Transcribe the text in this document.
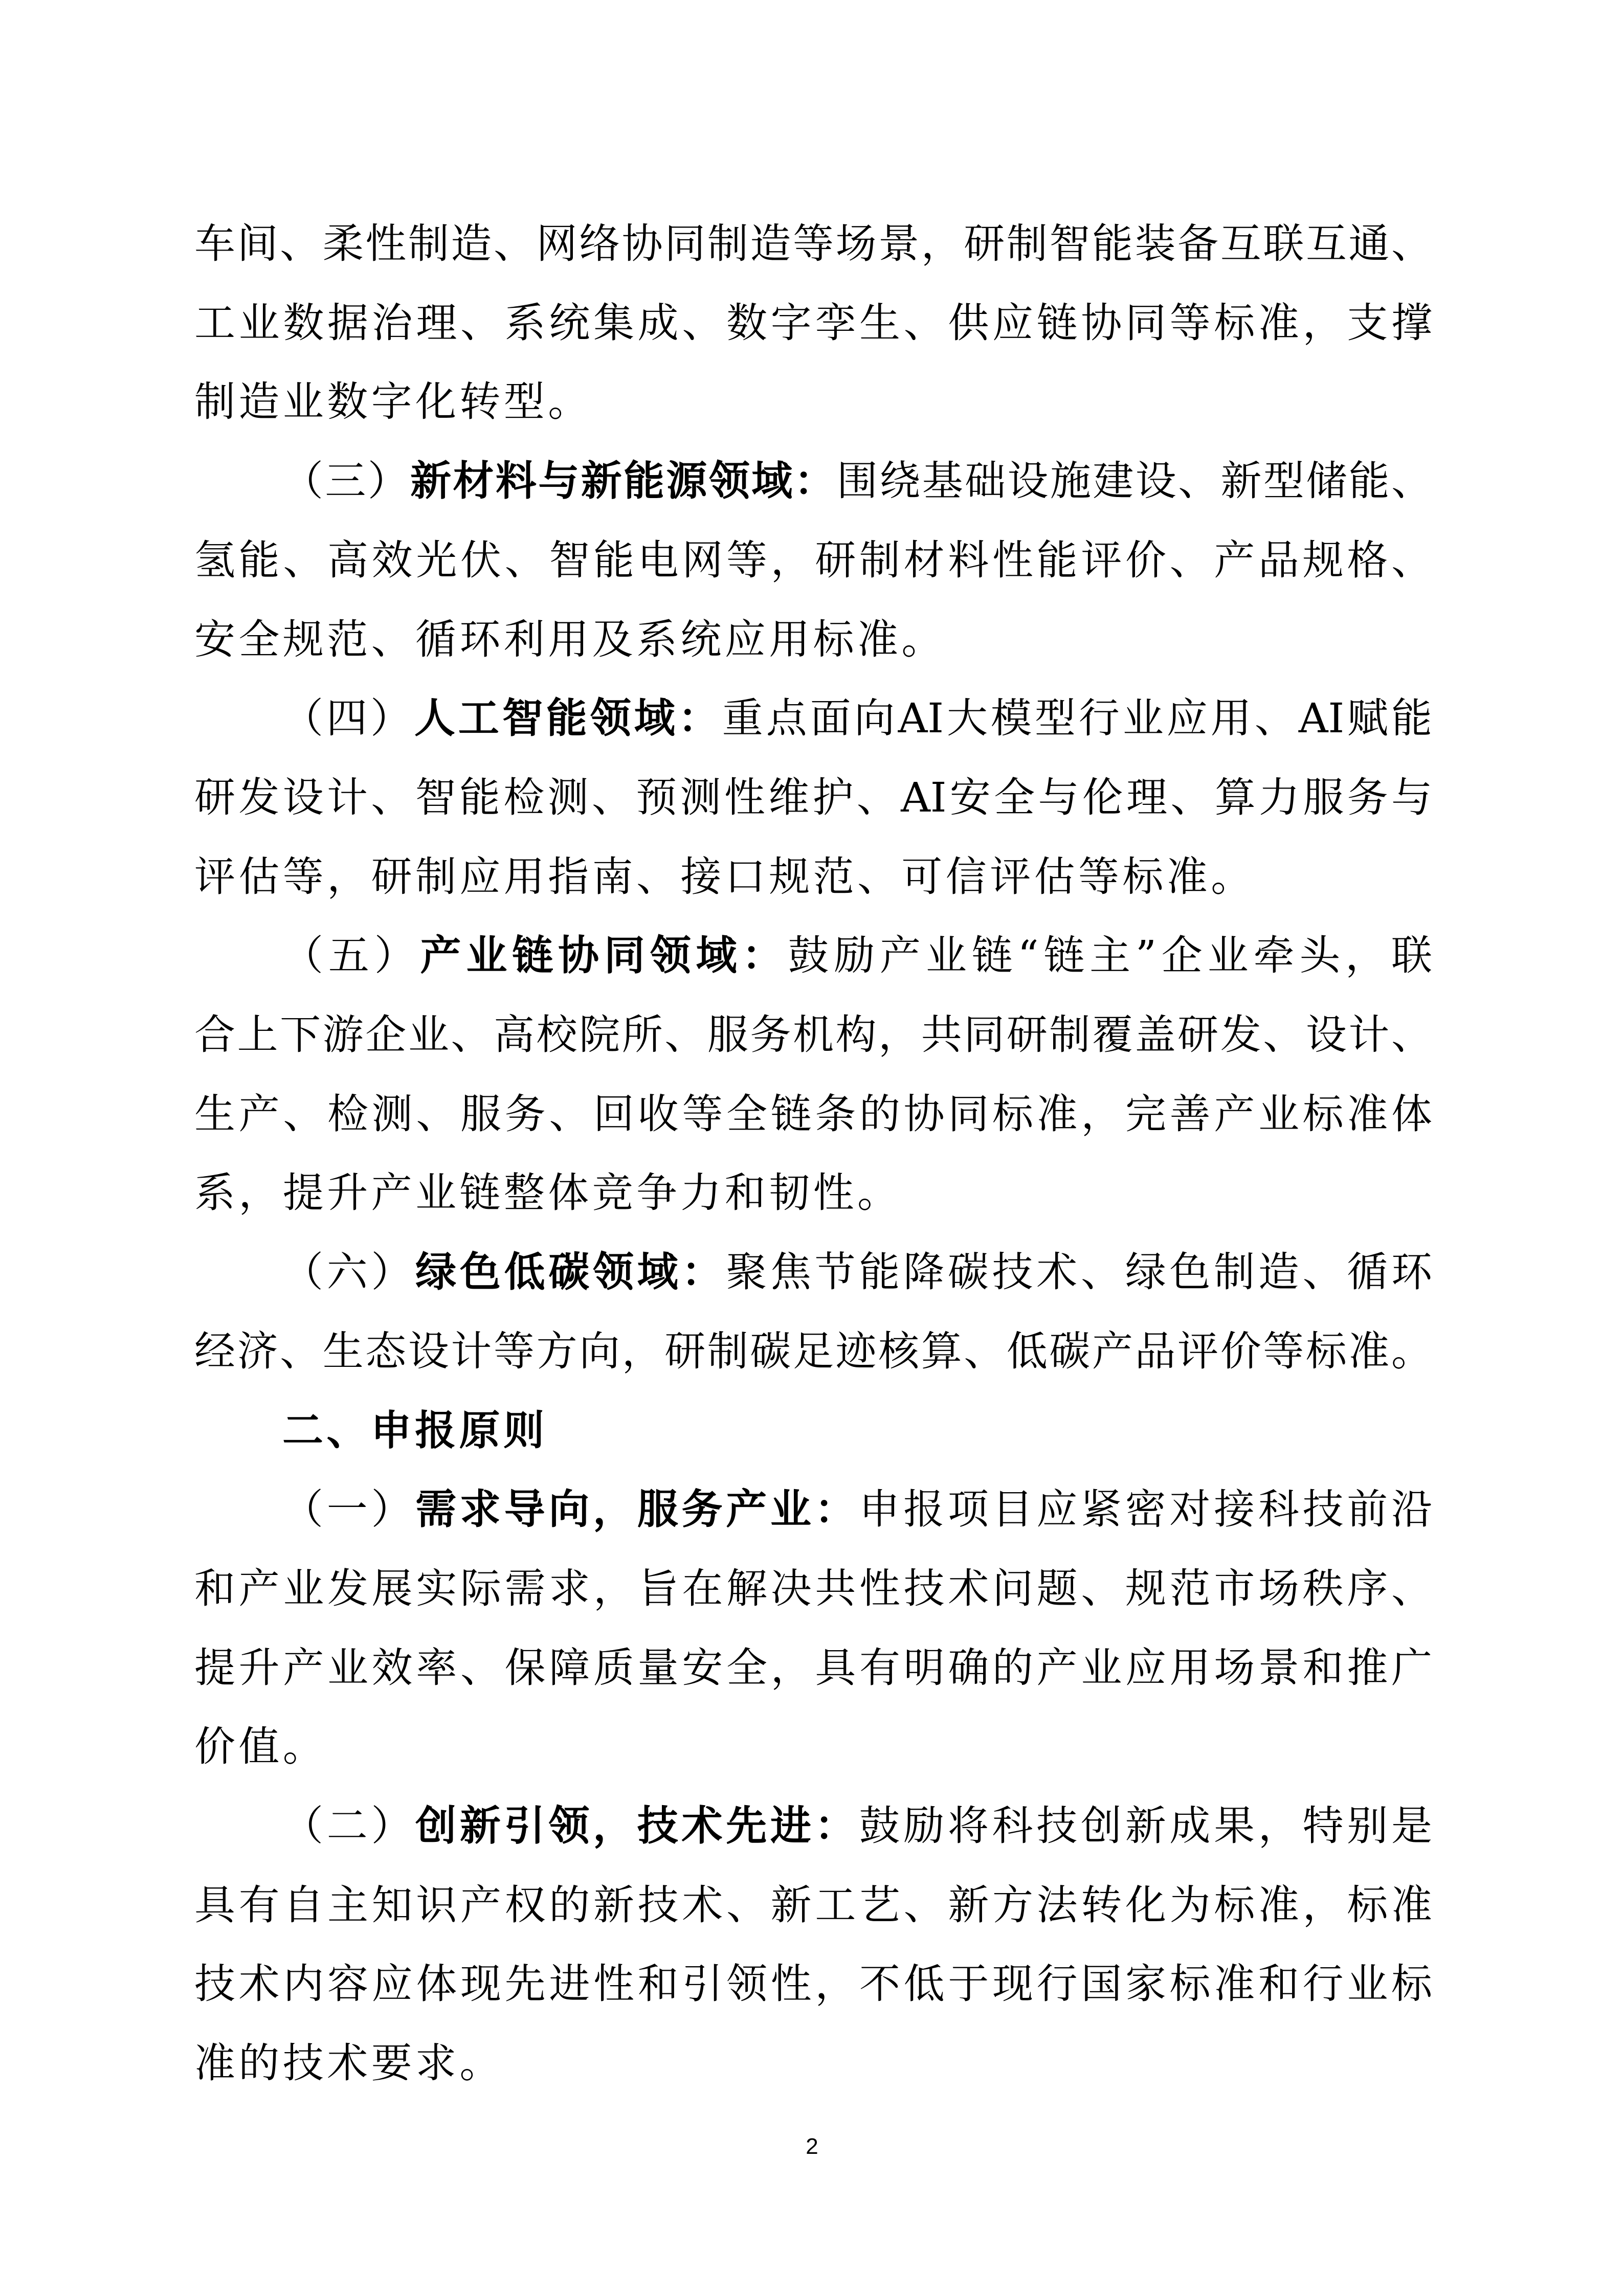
车间、柔性制造、网络协同制造等场景，研制智能装备互联互通、
工业数据治理、系统集成、数字孪生、供应链协同等标准，支撑
制造业数字化转型。
（三）新材料与新能源领域：围绕基础设施建设、新型储能、
氢能、高效光伏、智能电网等，研制材料性能评价、产品规格、
安全规范、循环利用及系统应用标准。
（四）人工智能领域：重点面向AI大模型行业应用、AI赋能
研发设计、智能检测、预测性维护、AI安全与伦理、算力服务与
评估等，研制应用指南、接口规范、可信评估等标准。
（五）产业链协同领域：鼓励产业链“链主”企业牵头，联
合上下游企业、高校院所、服务机构，共同研制覆盖研发、设计、
生产、检测、服务、回收等全链条的协同标准，完善产业标准体
系，提升产业链整体竞争力和韧性。
（六）绿色低碳领域：聚焦节能降碳技术、绿色制造、循环
经济、生态设计等方向，研制碳足迹核算、低碳产品评价等标准。
二、申报原则
（一）需求导向，服务产业：申报项目应紧密对接科技前沿
和产业发展实际需求，旨在解决共性技术问题、规范市场秩序、
提升产业效率、保障质量安全，具有明确的产业应用场景和推广
价值。
（二）创新引领，技术先进：鼓励将科技创新成果，特别是
具有自主知识产权的新技术、新工艺、新方法转化为标准，标准
技术内容应体现先进性和引领性，不低于现行国家标准和行业标
准的技术要求。
2
